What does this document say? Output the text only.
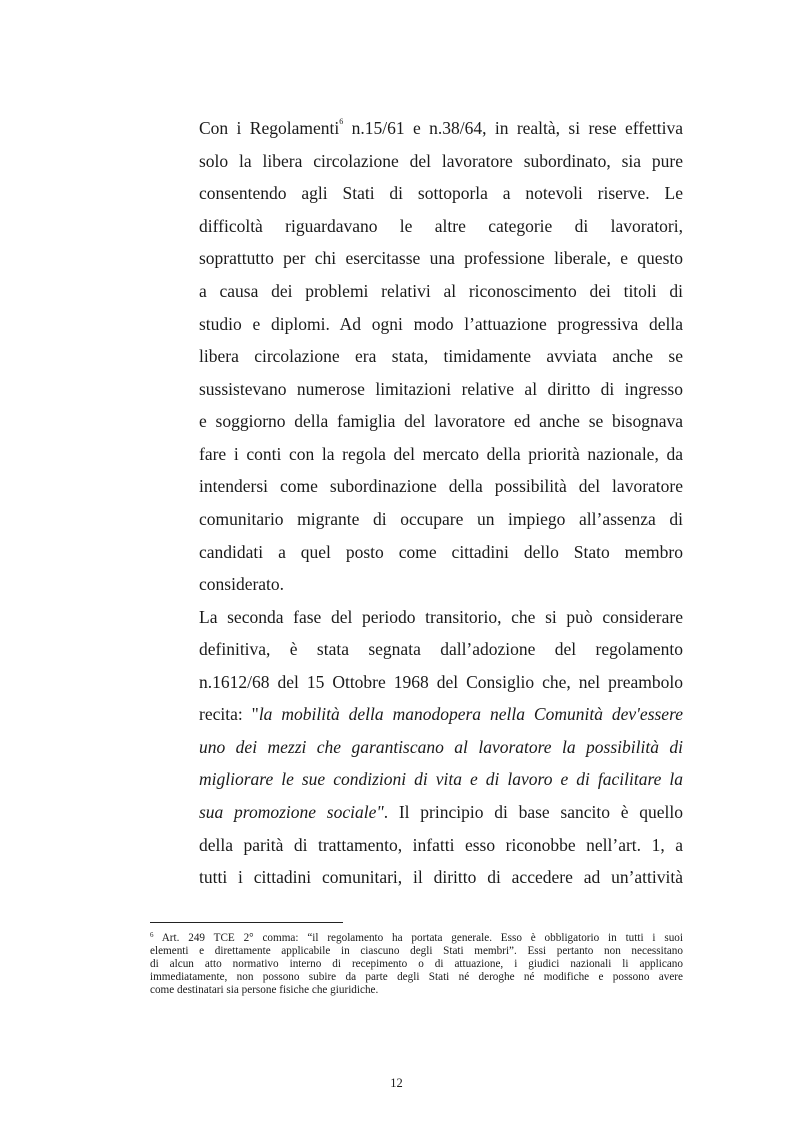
Con i Regolamenti$^6$ n.15/61 e n.38/64, in realtà, si rese effettiva
solo la libera circolazione del lavoratore subordinato, sia pure
consentendo agli Stati di sottoporla a notevoli riserve. Le
difficoltà riguardavano le altre categorie di lavoratori,
soprattutto per chi esercitasse una professione liberale, e questo
a causa dei problemi relativi al riconoscimento dei titoli di
studio e diplomi. Ad ogni modo l’attuazione progressiva della
libera circolazione era stata, timidamente avviata anche se
sussistevano numerose limitazioni relative al diritto di ingresso
e soggiorno della famiglia del lavoratore ed anche se bisognava
fare i conti con la regola del mercato della priorità nazionale, da
intendersi come subordinazione della possibilità del lavoratore
comunitario migrante di occupare un impiego all’assenza di
candidati a quel posto come cittadini dello Stato membro
considerato.
La seconda fase del periodo transitorio, che si può considerare
definitiva, è stata segnata dall’adozione del regolamento
n.1612/68 del 15 Ottobre 1968 del Consiglio che, nel preambolo
recita: "la mobilità della manodopera nella Comunità dev'essere
uno dei mezzi che garantiscano al lavoratore la possibilità di
migliorare le sue condizioni di vita e di lavoro e di facilitare la
sua promozione sociale". Il principio di base sancito è quello
della parità di trattamento, infatti esso riconobbe nell’art. 1, a
tutti i cittadini comunitari, il diritto di accedere ad un’attività
$^6$ Art. 249 TCE 2° comma: “il regolamento ha portata generale. Esso è obbligatorio in tutti i suoi
elementi e direttamente applicabile in ciascuno degli Stati membri”. Essi pertanto non necessitano
di alcun atto normativo interno di recepimento o di attuazione, i giudici nazionali li applicano
immediatamente, non possono subire da parte degli Stati né deroghe né modifiche e possono avere
come destinatari sia persone fisiche che giuridiche.
12
